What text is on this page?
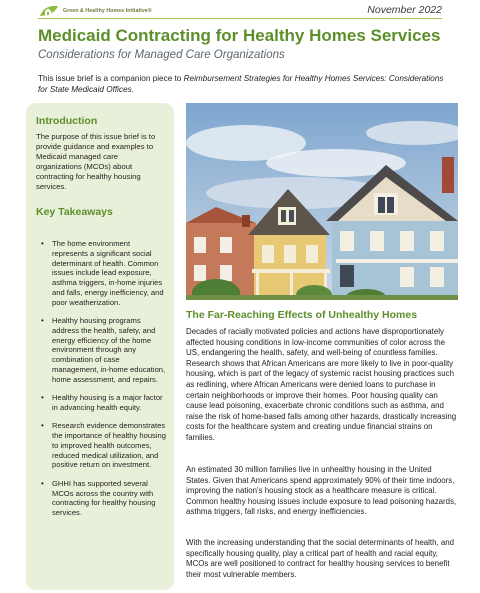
Green & Healthy Homes Initiative®	November 2022
Medicaid Contracting for Healthy Homes Services
Considerations for Managed Care Organizations
This issue brief is a companion piece to Reimbursement Strategies for Healthy Homes Services: Considerations for State Medicaid Offices.
Introduction
The purpose of this issue brief is to provide guidance and examples to Medicaid managed care organizations (MCOs) about contracting for healthy housing services.
Key Takeaways
• The home environment represents a significant social determinant of health. Common issues include lead exposure, asthma triggers, in-home injuries and falls, energy inefficiency, and poor weatherization.
• Healthy housing programs address the health, safety, and energy efficiency of the home environment through any combination of case management, in-home education, home assessment, and repairs.
• Healthy housing is a major factor in advancing health equity.
• Research evidence demonstrates the importance of healthy housing to improved health outcomes, reduced medical utilization, and positive return on investment.
• GHHI has supported several MCOs across the country with contracting for healthy housing services.
The Far-Reaching Effects of Unhealthy Homes
Decades of racially motivated policies and actions have disproportionately affected housing conditions in low-income communities of color across the US, endangering the health, safety, and well-being of countless families. Research shows that African Americans are more likely to live in poor-quality housing, which is part of the legacy of systemic racist housing practices such as redlining, where African Americans were denied loans to purchase in certain neighborhoods or improve their homes. Poor housing quality can cause lead poisoning, exacerbate chronic conditions such as asthma, and raise the risk of home-based falls among other hazards, drastically increasing costs for the healthcare system and creating undue financial strains on families.
An estimated 30 million families live in unhealthy housing in the United States. Given that Americans spend approximately 90% of their time indoors, improving the nation's housing stock as a healthcare measure is critical. Common healthy housing issues include exposure to lead poisoning hazards, asthma triggers, fall risks, and energy inefficiencies.
With the increasing understanding that the social determinants of health, and specifically housing quality, play a critical part of health and racial equity, MCOs are well positioned to contract for healthy housing services to benefit their most vulnerable members.
